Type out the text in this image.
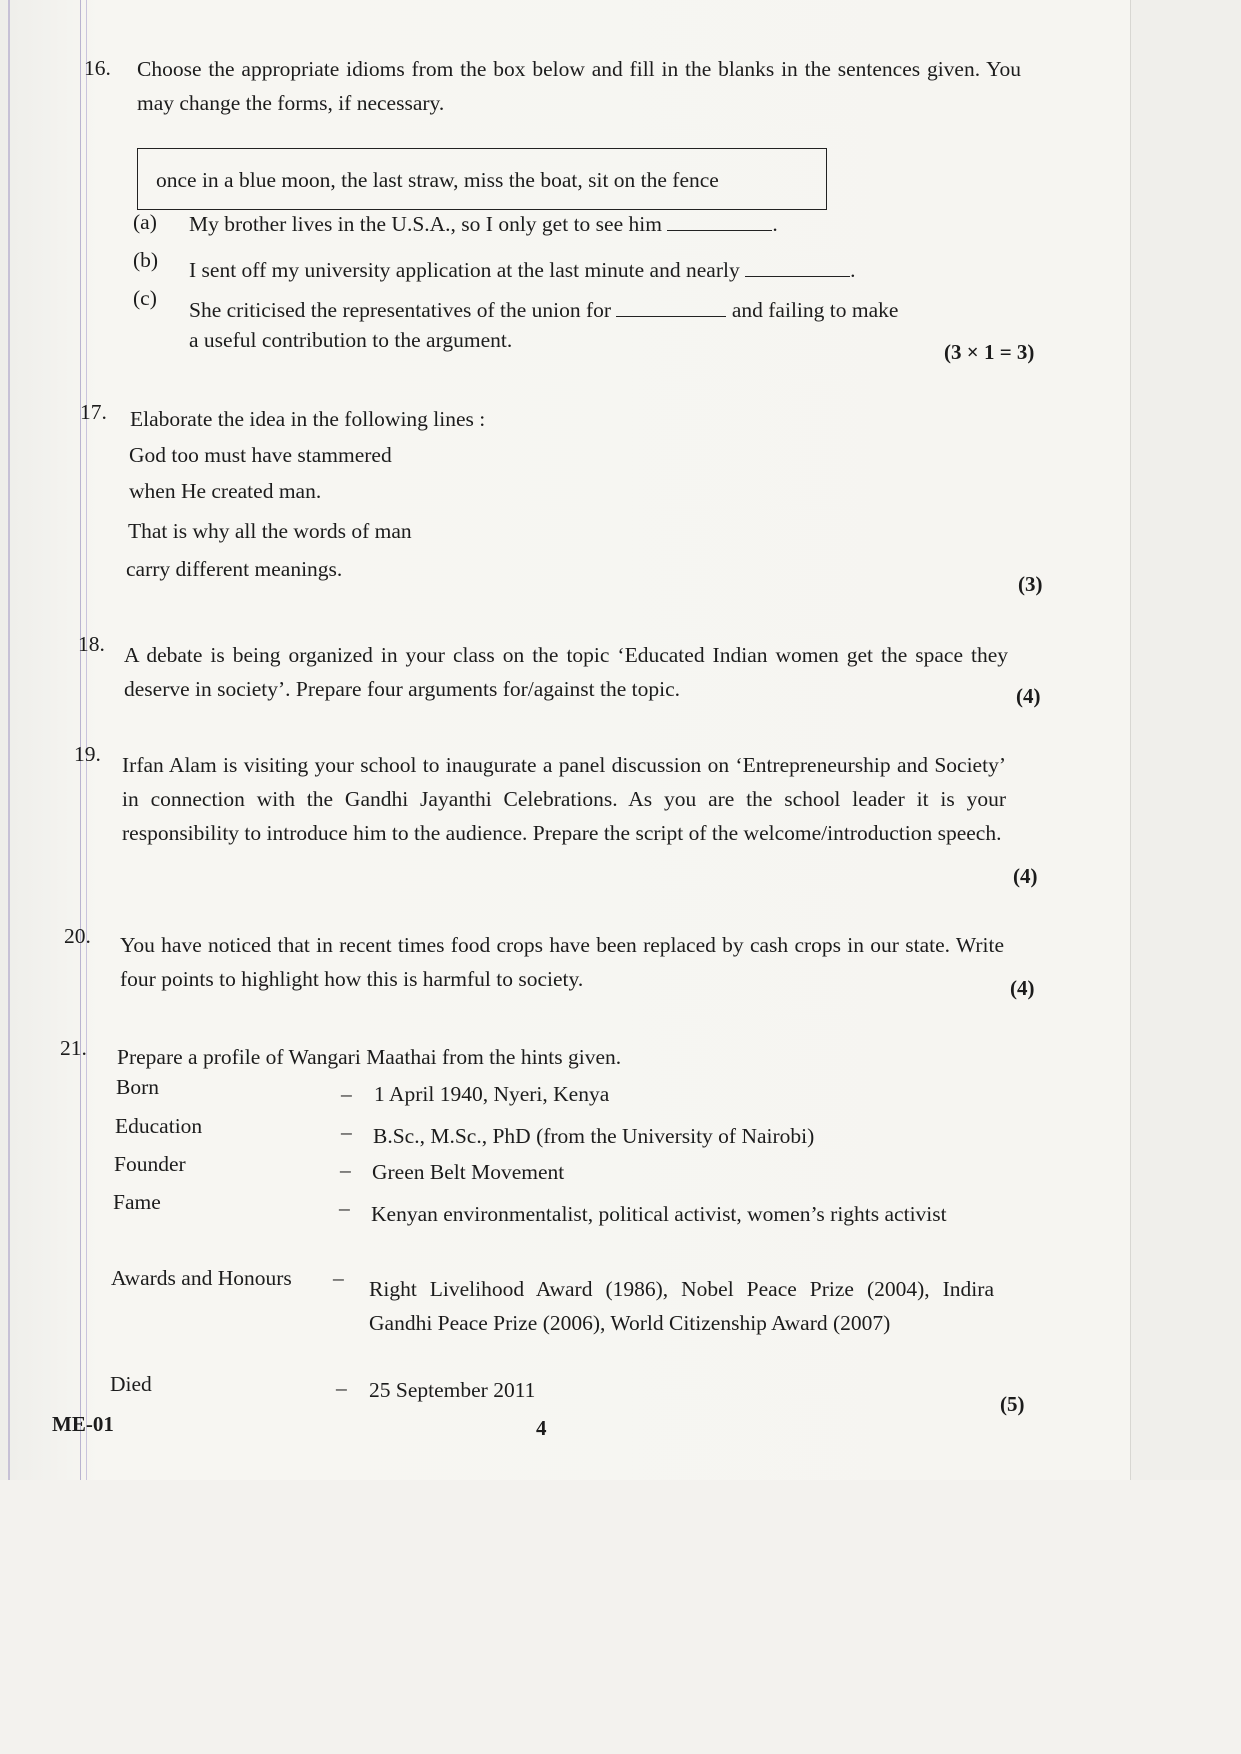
16. Choose the appropriate idioms from the box below and fill in the blanks in the sentences given. You may change the forms, if necessary.
once in a blue moon, the last straw, miss the boat, sit on the fence
(a) My brother lives in the U.S.A., so I only get to see him	.
(b) I sent off my university application at the last minute and nearly	.
(c) She criticised the representatives of the union for	and failing to make
a useful contribution to the argument.	(3 × 1 = 3)
17. Elaborate the idea in the following lines :
God too must have stammered
when He created man.
That is why all the words of man
carry different meanings.
(3)
18. A debate is being organized in your class on the topic ‘Educated Indian women get the space they deserve in society’. Prepare four arguments for/against the topic.	(4)
19. Irfan Alam is visiting your school to inaugurate a panel discussion on ‘Entrepreneurship and Society’ in connection with the Gandhi Jayanthi Celebrations. As you are the school leader it is your responsibility to introduce him to the audience. Prepare the script of the welcome/introduction speech.
(4)
20. You have noticed that in recent times food crops have been replaced by cash crops in our state. Write four points to highlight how this is harmful to society.	(4)
21. Prepare a profile of Wangari Maathai from the hints given.
Born	– 1 April 1940, Nyeri, Kenya
Education	– B.Sc., M.Sc., PhD (from the University of Nairobi)
Founder	– Green Belt Movement
Fame	– Kenyan environmentalist, political activist, women’s rights activist
Awards and Honours – Right Livelihood Award (1986), Nobel Peace Prize (2004), Indira Gandhi Peace Prize (2006), World Citizenship Award (2007)
Died	– 25 September 2011
(5)
ME-01	4
